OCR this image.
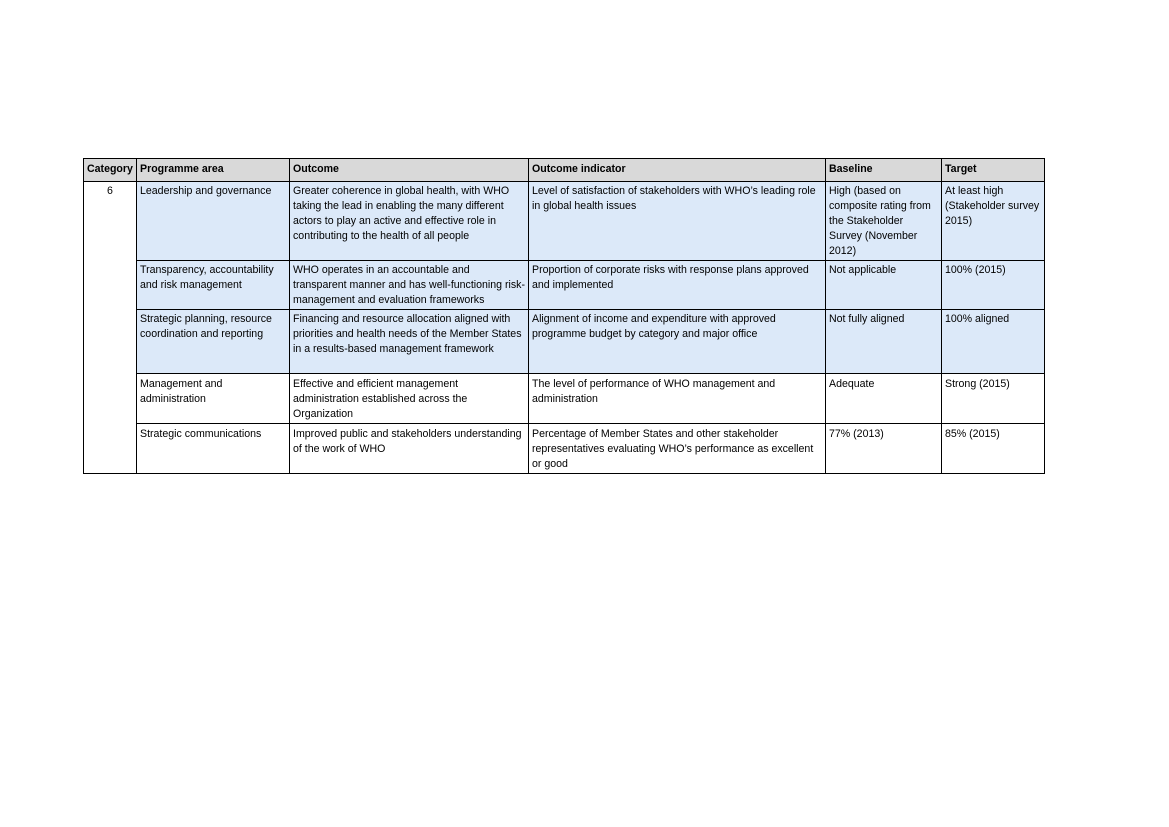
Category	Programme area	Outcome	Outcome indicator	Baseline	Target
6	Leadership and governance	Greater coherence in global health, with WHO taking the lead in enabling the many different actors to play an active and effective role in contributing to the health of all people	Level of satisfaction of stakeholders with WHO’s leading role in global health issues	High (based on composite rating from the Stakeholder Survey (November 2012)	At least high (Stakeholder survey 2015)
	Transparency, accountability and risk management	WHO operates in an accountable and transparent manner and has well-functioning risk-management and evaluation frameworks	Proportion of corporate risks with response plans approved and implemented	Not applicable	100% (2015)
	Strategic planning, resource coordination and reporting	Financing and resource allocation aligned with priorities and health needs of the Member States in a results-based management framework	Alignment of income and expenditure with approved programme budget by category and major office	Not fully aligned	100% aligned
	Management and administration	Effective and efficient management administration established across the Organization	The level of performance of WHO management and administration	Adequate	Strong (2015)
	Strategic communications	Improved public and stakeholders understanding of the work of WHO	Percentage of Member States and other stakeholder representatives evaluating WHO’s performance as excellent or good	77% (2013)	85% (2015)
